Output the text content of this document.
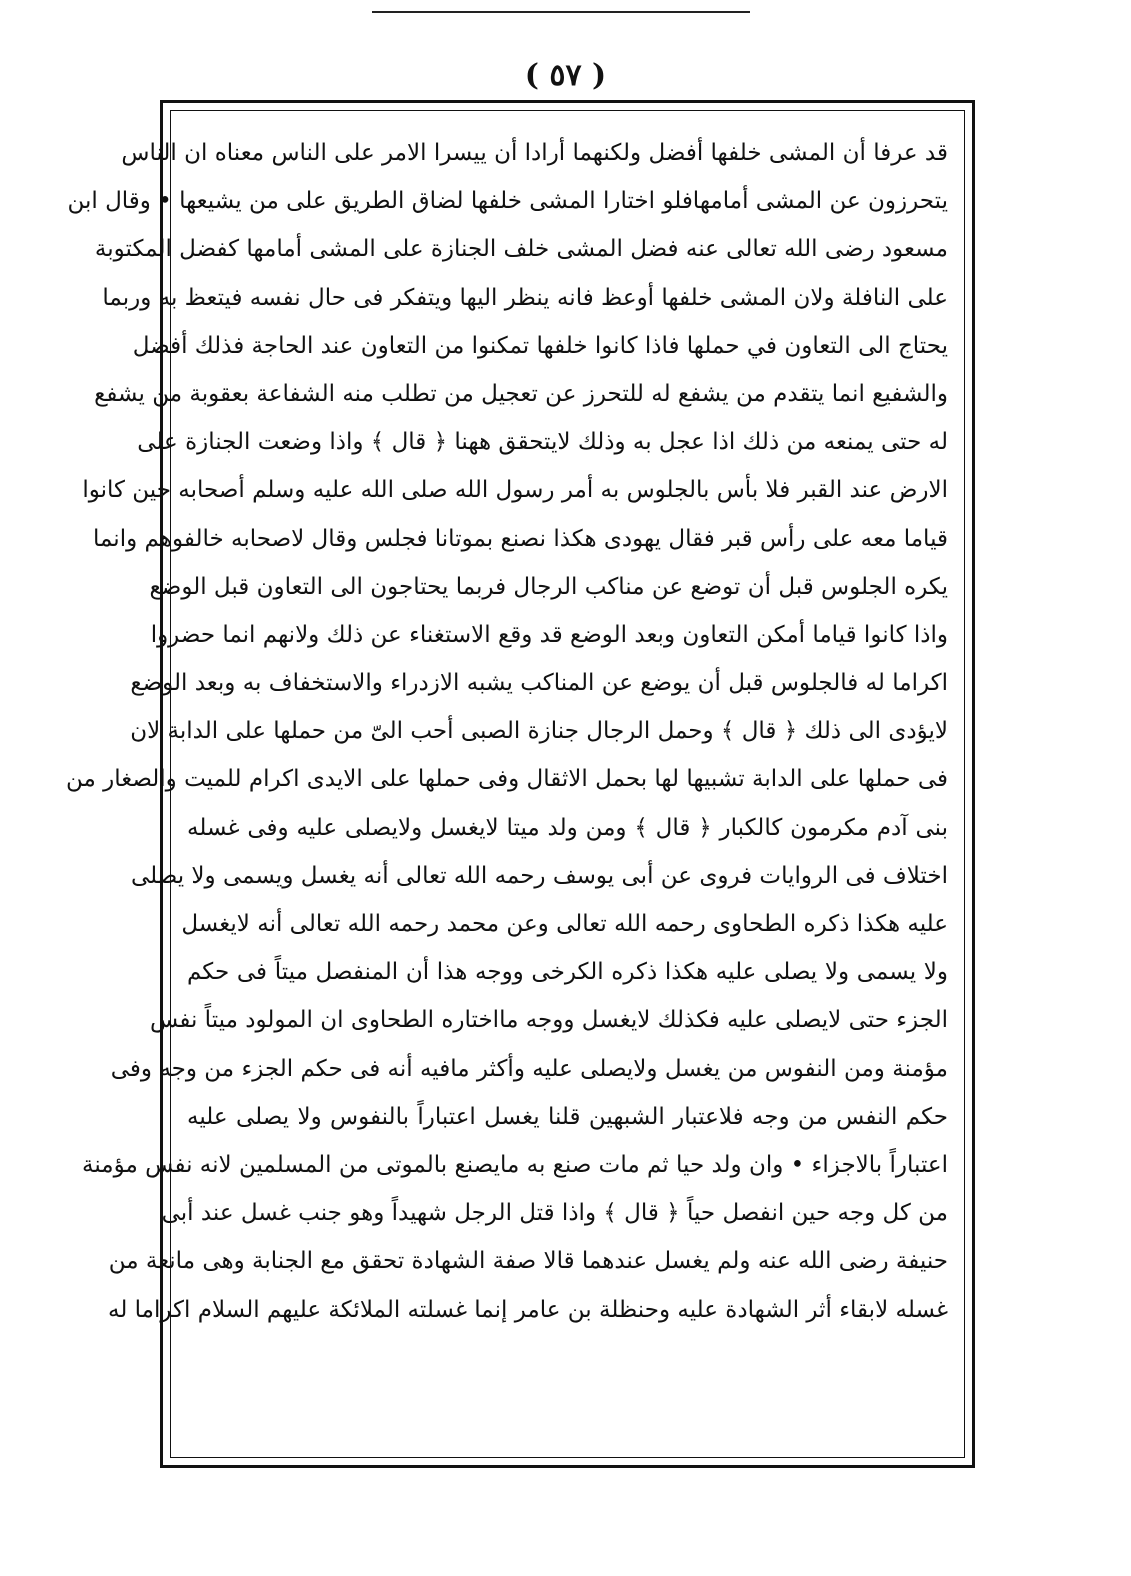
( ٥٧ )
قد عرفا أن المشى خلفها أفضل ولكنهما أرادا أن ييسرا الامر على الناس معناه ان الناس
يتحرزون عن المشى أمامهافلو اختارا المشى خلفها لضاق الطريق على من يشيعها • وقال ابن
مسعود رضى الله تعالى عنه فضل المشى خلف الجنازة على المشى أمامها كفضل المكتوبة
على النافلة ولان المشى خلفها أوعظ فانه ينظر اليها ويتفكر فى حال نفسه فيتعظ به وربما
يحتاج الى التعاون في حملها فاذا كانوا خلفها تمكنوا من التعاون عند الحاجة فذلك أفضل
والشفيع انما يتقدم من يشفع له للتحرز عن تعجيل من تطلب منه الشفاعة بعقوبة من يشفع
له حتى يمنعه من ذلك اذا عجل به وذلك لايتحقق ههنا ﴿ قال ﴾ واذا وضعت الجنازة على
الارض عند القبر فلا بأس بالجلوس به أمر رسول الله صلى الله عليه وسلم أصحابه حين كانوا
قياما معه على رأس قبر فقال يهودى هكذا نصنع بموتانا فجلس وقال لاصحابه خالفوهم وانما
يكره الجلوس قبل أن توضع عن مناكب الرجال فربما يحتاجون الى التعاون قبل الوضع
واذا كانوا قياما أمكن التعاون وبعد الوضع قد وقع الاستغناء عن ذلك ولانهم انما حضروا
اكراما له فالجلوس قبل أن يوضع عن المناكب يشبه الازدراء والاستخفاف به وبعد الوضع
لايؤدى الى ذلك ﴿ قال ﴾ وحمل الرجال جنازة الصبى أحب الىّ من حملها على الدابة لان
فى حملها على الدابة تشبيها لها بحمل الاثقال وفى حملها على الايدى اكرام للميت والصغار من
بنى آدم مكرمون كالكبار ﴿ قال ﴾ ومن ولد ميتا لايغسل ولايصلى عليه وفى غسله
اختلاف فى الروايات فروى عن أبى يوسف رحمه الله تعالى أنه يغسل ويسمى ولا يصلى
عليه هكذا ذكره الطحاوى رحمه الله تعالى وعن محمد رحمه الله تعالى أنه لايغسل
ولا يسمى ولا يصلى عليه هكذا ذكره الكرخى ووجه هذا أن المنفصل ميتاً فى حكم
الجزء حتى لايصلى عليه فكذلك لايغسل ووجه مااختاره الطحاوى ان المولود ميتاً نفس
مؤمنة ومن النفوس من يغسل ولايصلى عليه وأكثر مافيه أنه فى حكم الجزء من وجه وفى
حكم النفس من وجه فلاعتبار الشبهين قلنا يغسل اعتباراً بالنفوس ولا يصلى عليه
اعتباراً بالاجزاء • وان ولد حيا ثم مات صنع به مايصنع بالموتى من المسلمين لانه نفس مؤمنة
من كل وجه حين انفصل حياً ﴿ قال ﴾ واذا قتل الرجل شهيداً وهو جنب غسل عند أبى
حنيفة رضى الله عنه ولم يغسل عندهما قالا صفة الشهادة تحقق مع الجنابة وهى مانعة من
غسله لابقاء أثر الشهادة عليه وحنظلة بن عامر إنما غسلته الملائكة عليهم السلام اكراما له
